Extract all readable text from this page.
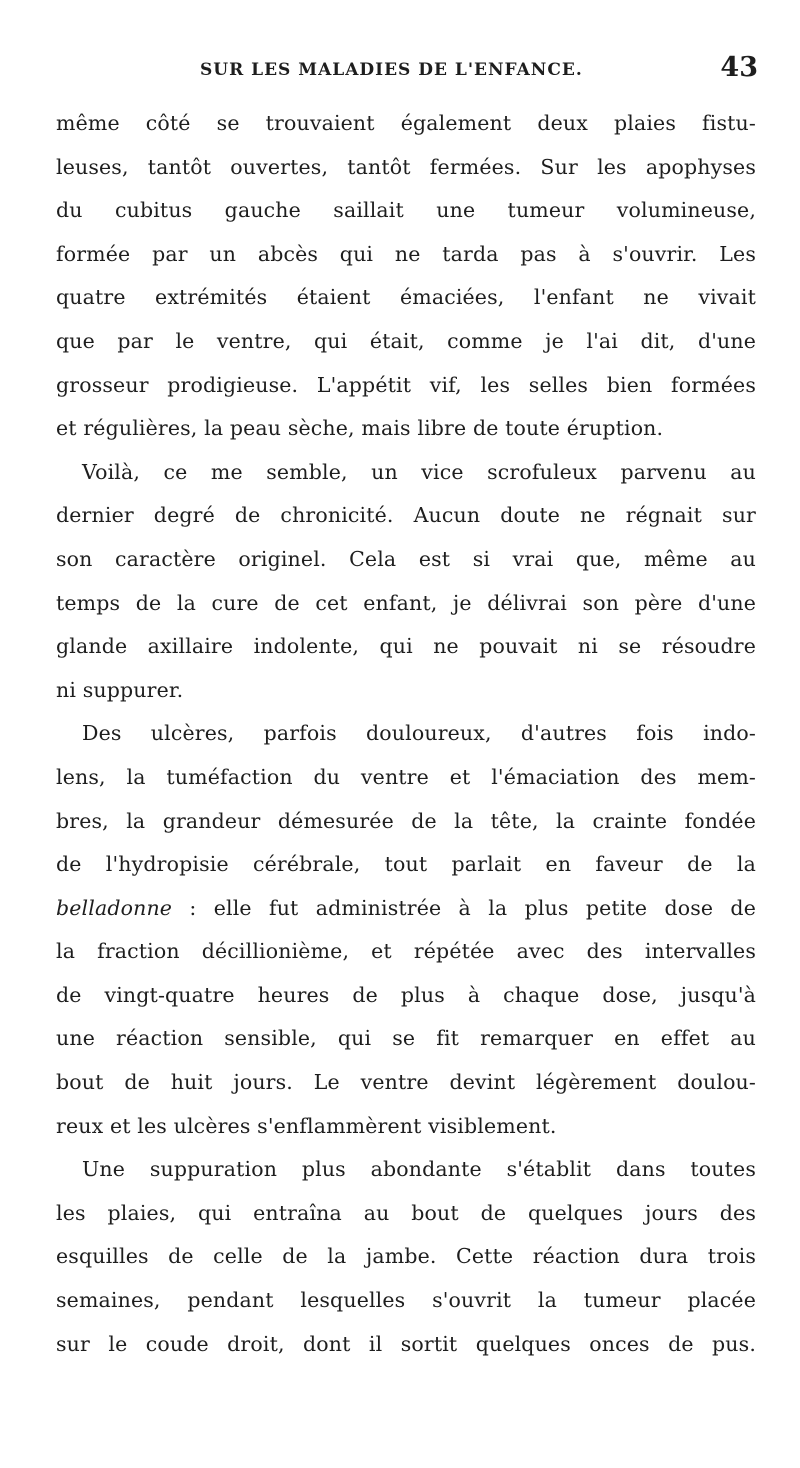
SUR LES MALADIES DE L'ENFANCE.	43
même côté se trouvaient également deux plaies fistu-
leuses, tantôt ouvertes, tantôt fermées. Sur les apophyses
du cubitus gauche saillait une tumeur volumineuse,
formée par un abcès qui ne tarda pas à s'ouvrir. Les
quatre extrémités étaient émaciées, l'enfant ne vivait
que par le ventre, qui était, comme je l'ai dit, d'une
grosseur prodigieuse. L'appétit vif, les selles bien formées
et régulières, la peau sèche, mais libre de toute éruption.
Voilà, ce me semble, un vice scrofuleux parvenu au
dernier degré de chronicité. Aucun doute ne régnait sur
son caractère originel. Cela est si vrai que, même au
temps de la cure de cet enfant, je délivrai son père d'une
glande axillaire indolente, qui ne pouvait ni se résoudre
ni suppurer.
Des ulcères, parfois douloureux, d'autres fois indo-
lens, la tuméfaction du ventre et l'émaciation des mem-
bres, la grandeur démesurée de la tête, la crainte fondée
de l'hydropisie cérébrale, tout parlait en faveur de la
belladonne : elle fut administrée à la plus petite dose de
la fraction décillionième, et répétée avec des intervalles
de vingt-quatre heures de plus à chaque dose, jusqu'à
une réaction sensible, qui se fit remarquer en effet au
bout de huit jours. Le ventre devint légèrement doulou-
reux et les ulcères s'enflammèrent visiblement.
Une suppuration plus abondante s'établit dans toutes
les plaies, qui entraîna au bout de quelques jours des
esquilles de celle de la jambe. Cette réaction dura trois
semaines, pendant lesquelles s'ouvrit la tumeur placée
sur le coude droit, dont il sortit quelques onces de pus.
